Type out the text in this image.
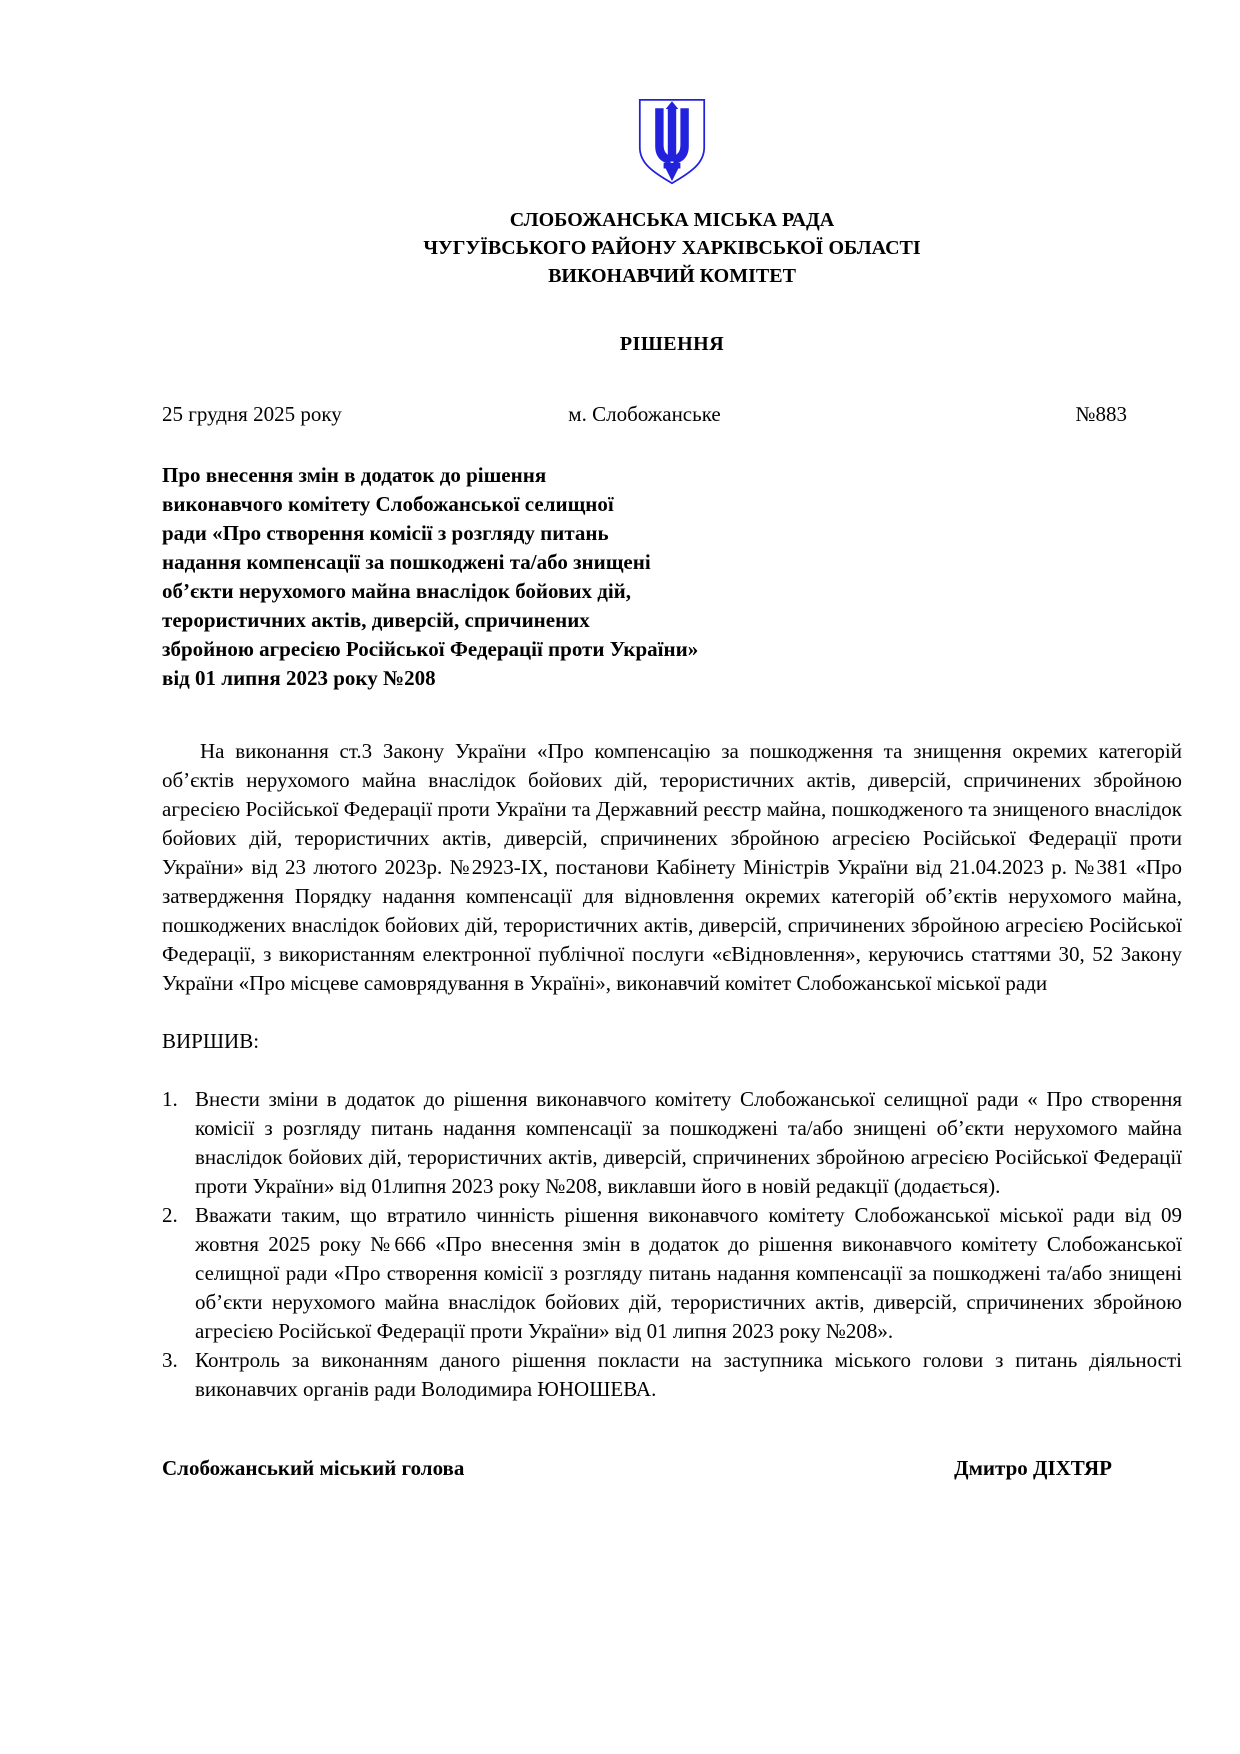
СЛОБОЖАНСЬКА МІСЬКА РАДА
ЧУГУЇВСЬКОГО РАЙОНУ ХАРКІВСЬКОЇ ОБЛАСТІ
ВИКОНАВЧИЙ КОМІТЕТ
РІШЕННЯ
25 грудня 2025 року	м. Слобожанське	№883
Про внесення змін в додаток до рішення
виконавчого комітету Слобожанської селищної
ради «Про створення комісії з розгляду питань
надання компенсації за пошкоджені та/або знищені
об’єкти нерухомого майна внаслідок бойових дій,
терористичних актів, диверсій, спричинених
збройною агресією Російської Федерації проти України»
від 01 липня 2023 року №208

На виконання ст.3 Закону України «Про компенсацію за пошкодження та знищення окремих категорій об’єктів нерухомого майна внаслідок бойових дій, терористичних актів, диверсій, спричинених збройною агресією Російської Федерації проти України та Державний реєстр майна, пошкодженого та знищеного внаслідок бойових дій, терористичних актів, диверсій, спричинених збройною агресією Російської Федерації проти України» від 23 лютого 2023р. №2923-ІХ, постанови Кабінету Міністрів України від 21.04.2023 р. №381 «Про затвердження Порядку надання компенсації для відновлення окремих категорій об’єктів нерухомого майна, пошкоджених внаслідок бойових дій, терористичних актів, диверсій, спричинених збройною агресією Російської Федерації, з використанням електронної публічної послуги «єВідновлення», керуючись статтями 30, 52 Закону України «Про місцеве самоврядування в Україні», виконавчий комітет Слобожанської міської ради

ВИРШИВ:

1. Внести зміни в додаток до рішення виконавчого комітету Слобожанської селищної ради « Про створення комісії з розгляду питань надання компенсації за пошкоджені та/або знищені об’єкти нерухомого майна внаслідок бойових дій, терористичних актів, диверсій, спричинених збройною агресією Російської Федерації проти України» від 01липня 2023 року №208, виклавши його в новій редакції (додається).
2. Вважати таким, що втратило чинність рішення виконавчого комітету Слобожанської міської ради від 09 жовтня 2025 року №666 «Про внесення змін в додаток до рішення виконавчого комітету Слобожанської селищної ради «Про створення комісії з розгляду питань надання компенсації за пошкоджені та/або знищені об’єкти нерухомого майна внаслідок бойових дій, терористичних актів, диверсій, спричинених збройною агресією Російської Федерації проти України» від 01 липня 2023 року №208».
3. Контроль за виконанням даного рішення покласти на заступника міського голови з питань діяльності виконавчих органів ради Володимира ЮНОШЕВА.
Слобожанський міський голова	Дмитро ДІХТЯР
